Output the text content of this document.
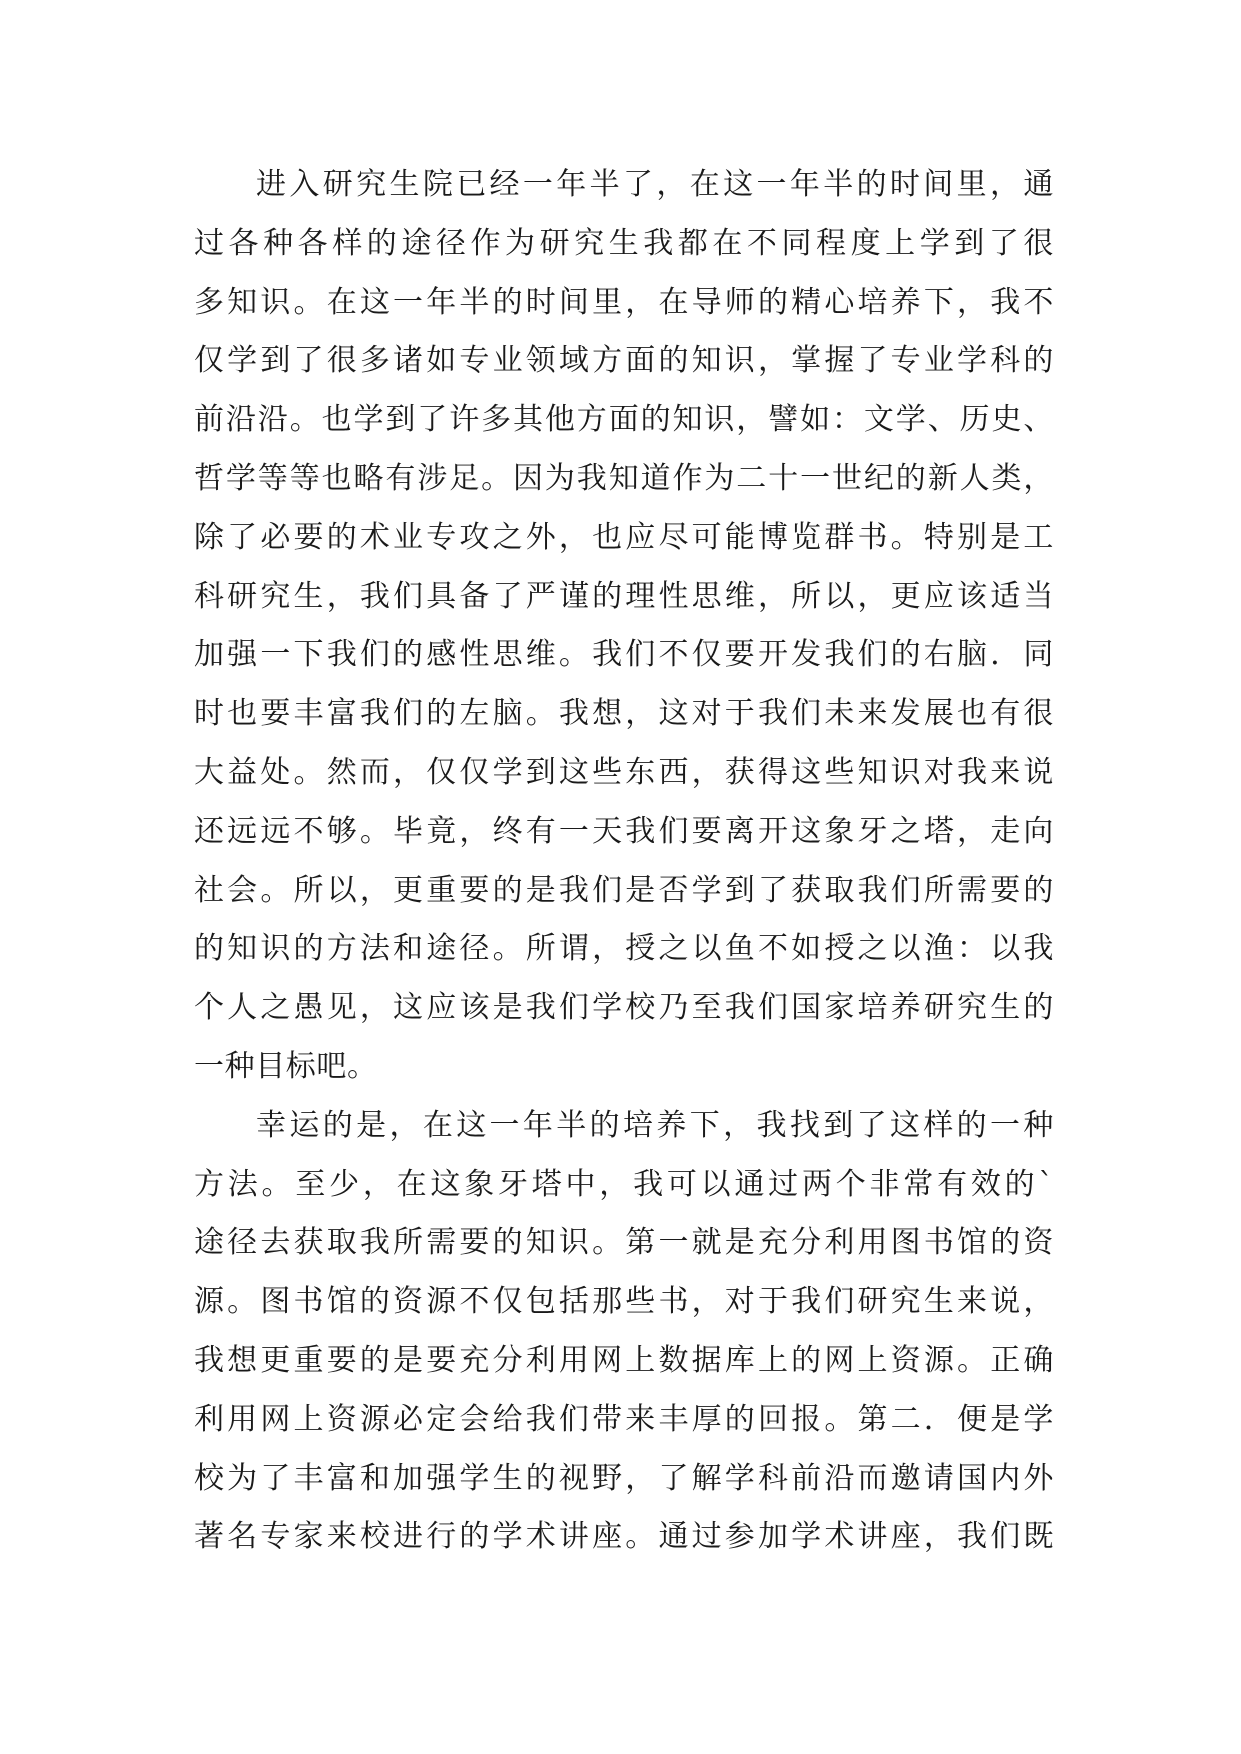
进入研究生院已经一年半了，在这一年半的时间里，通
过各种各样的途径作为研究生我都在不同程度上学到了很
多知识。在这一年半的时间里，在导师的精心培养下，我不
仅学到了很多诸如专业领域方面的知识，掌握了专业学科的
前沿沿。也学到了许多其他方面的知识，譬如：文学、历史、
哲学等等也略有涉足。因为我知道作为二十一世纪的新人类，
除了必要的术业专攻之外，也应尽可能博览群书。特别是工
科研究生，我们具备了严谨的理性思维，所以，更应该适当
加强一下我们的感性思维。我们不仅要开发我们的右脑．同
时也要丰富我们的左脑。我想，这对于我们未来发展也有很
大益处。然而，仅仅学到这些东西，获得这些知识对我来说
还远远不够。毕竟，终有一天我们要离开这象牙之塔，走向
社会。所以，更重要的是我们是否学到了获取我们所需要的
的知识的方法和途径。所谓，授之以鱼不如授之以渔：以我
个人之愚见，这应该是我们学校乃至我们国家培养研究生的
一种目标吧。
幸运的是，在这一年半的培养下，我找到了这样的一种
方法。至少，在这象牙塔中，我可以通过两个非常有效的`
途径去获取我所需要的知识。第一就是充分利用图书馆的资
源。图书馆的资源不仅包括那些书，对于我们研究生来说，
我想更重要的是要充分利用网上数据库上的网上资源。正确
利用网上资源必定会给我们带来丰厚的回报。第二．便是学
校为了丰富和加强学生的视野，了解学科前沿而邀请国内外
著名专家来校进行的学术讲座。通过参加学术讲座，我们既
